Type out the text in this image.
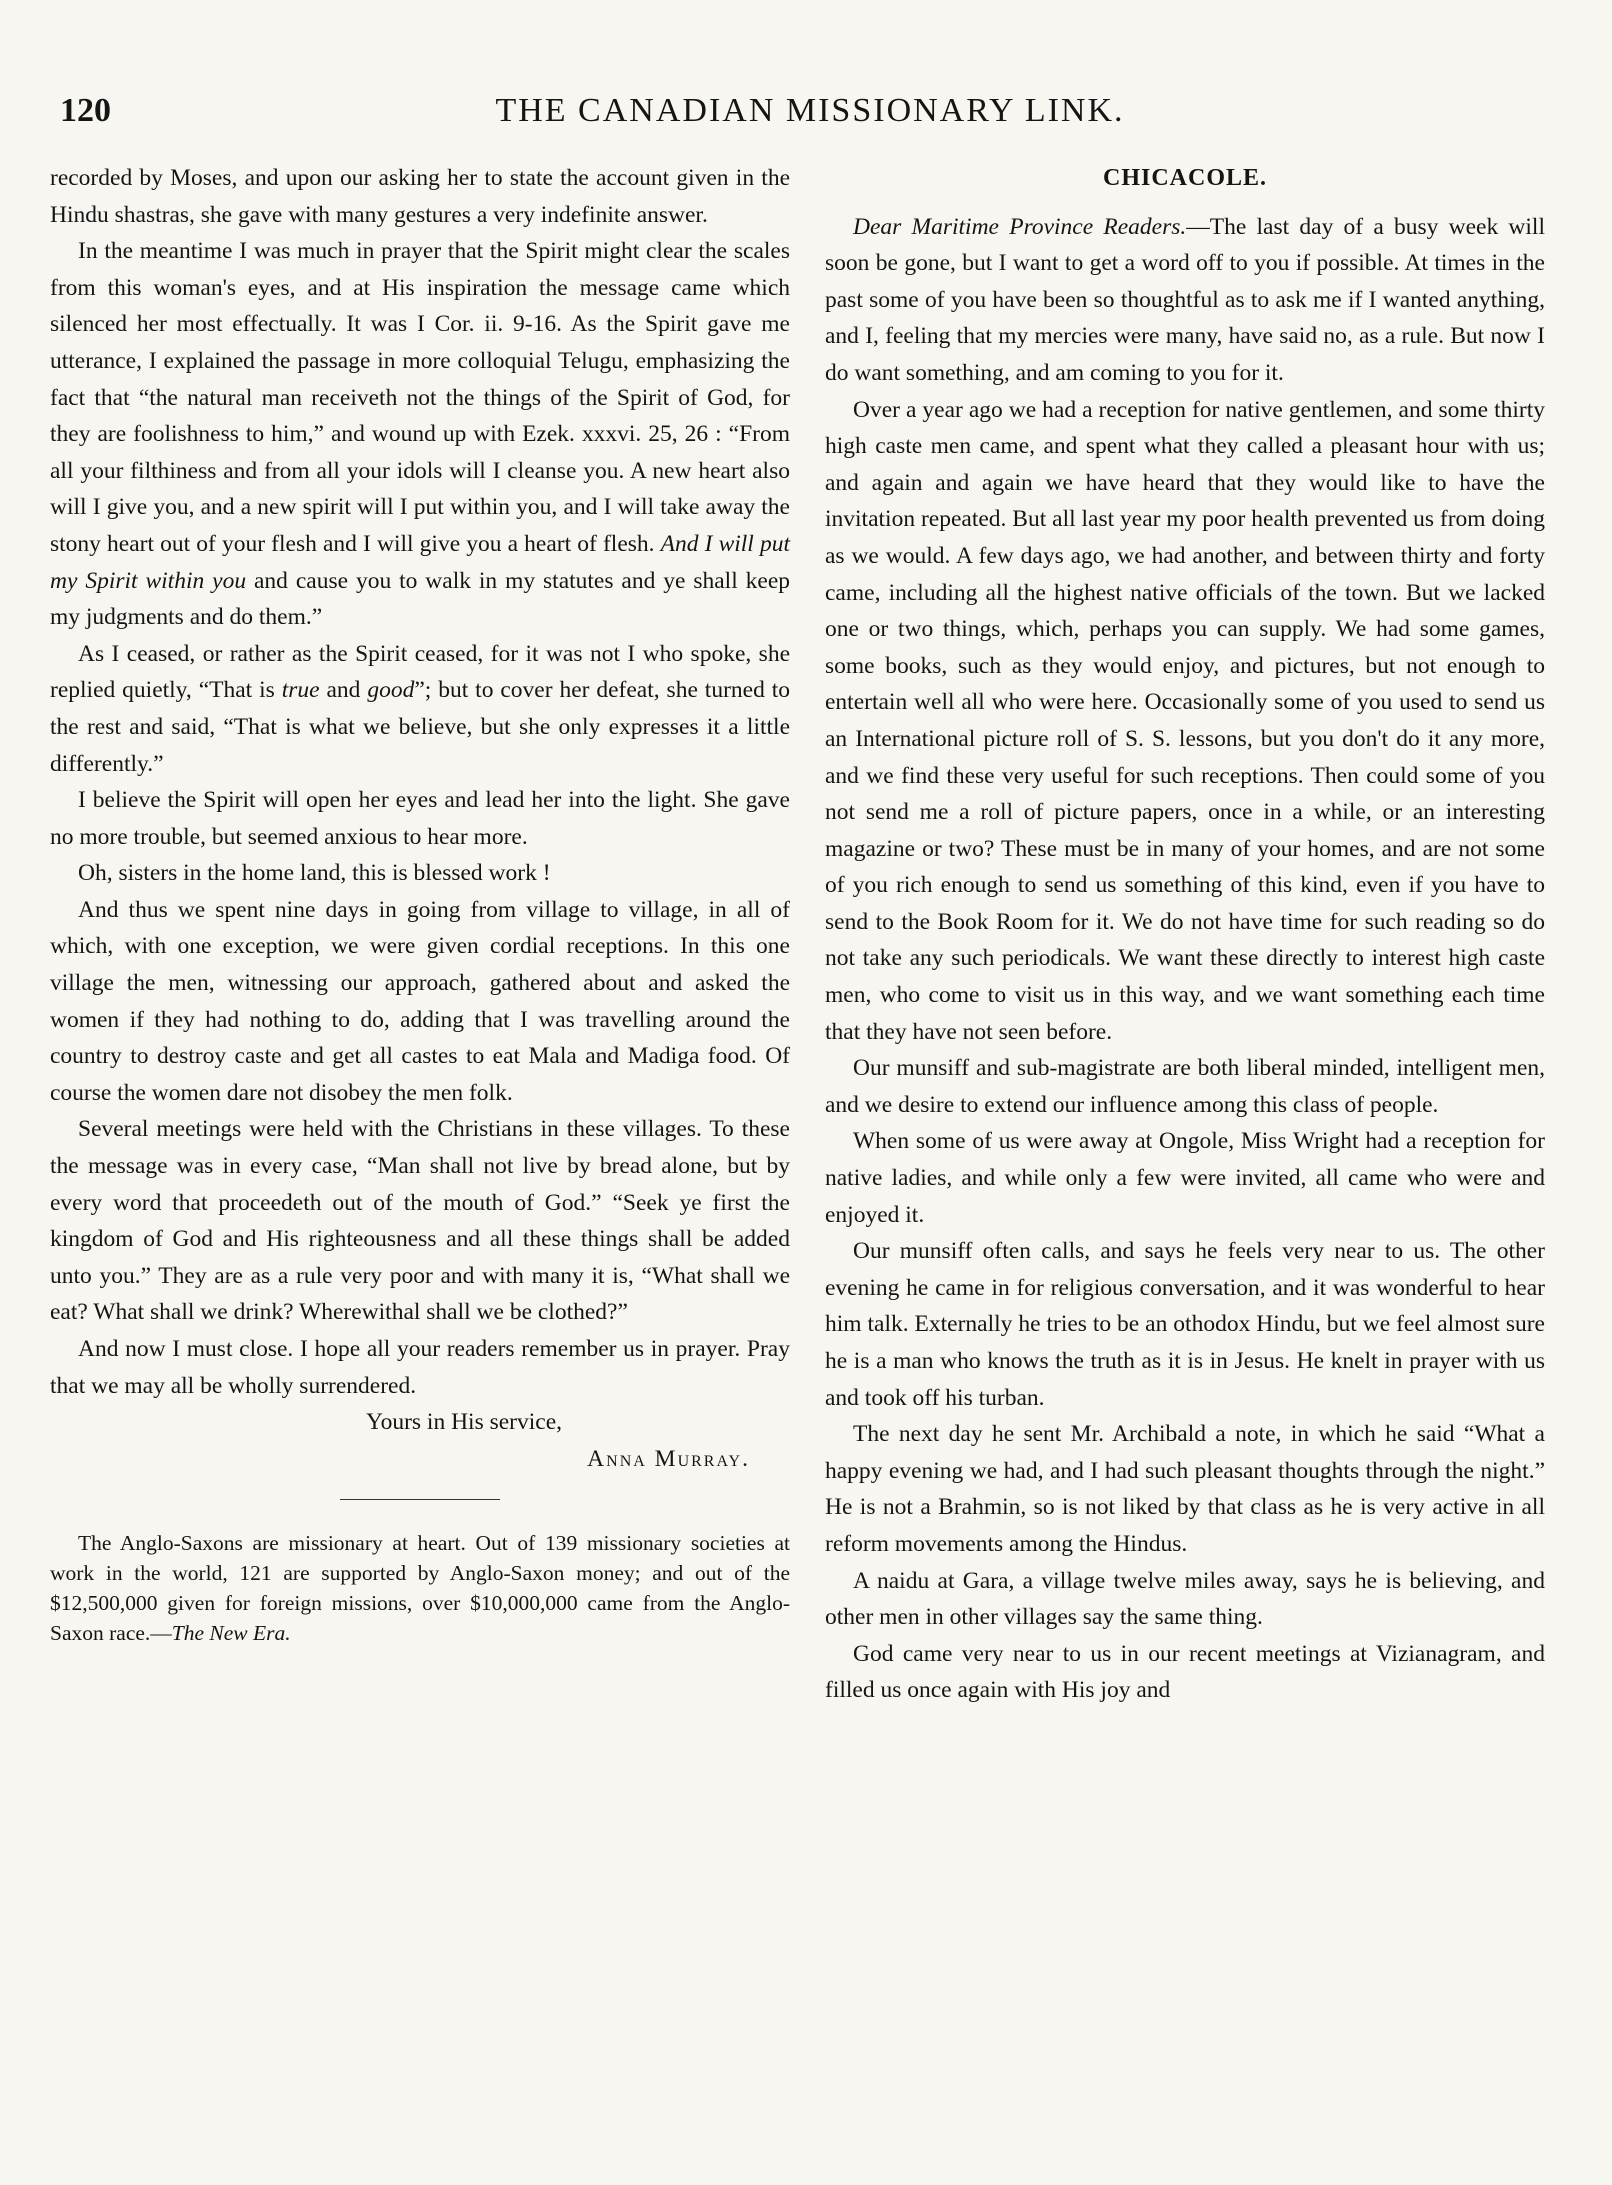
120	THE CANADIAN MISSIONARY LINK.

recorded by Moses, and upon our asking her to state the account given in the Hindu shastras, she gave with many gestures a very indefinite answer.

In the meantime I was much in prayer that the Spirit might clear the scales from this woman's eyes, and at His inspiration the message came which silenced her most effectually. It was I Cor. ii. 9-16. As the Spirit gave me utterance, I explained the passage in more colloquial Telugu, emphasizing the fact that “the natural man receiveth not the things of the Spirit of God, for they are foolishness to him,” and wound up with Ezek. xxxvi. 25, 26 : “From all your filthiness and from all your idols will I cleanse you. A new heart also will I give you, and a new spirit will I put within you, and I will take away the stony heart out of your flesh and I will give you a heart of flesh. And I will put my Spirit within you and cause you to walk in my statutes and ye shall keep my judgments and do them.”

As I ceased, or rather as the Spirit ceased, for it was not I who spoke, she replied quietly, “That is true and good”; but to cover her defeat, she turned to the rest and said, “That is what we believe, but she only expresses it a little differently.”

I believe the Spirit will open her eyes and lead her into the light. She gave no more trouble, but seemed anxious to hear more.

Oh, sisters in the home land, this is blessed work !

And thus we spent nine days in going from village to village, in all of which, with one exception, we were given cordial receptions. In this one village the men, witnessing our approach, gathered about and asked the women if they had nothing to do, adding that I was travelling around the country to destroy caste and get all castes to eat Mala and Madiga food. Of course the women dare not disobey the men folk.

Several meetings were held with the Christians in these villages. To these the message was in every case, “Man shall not live by bread alone, but by every word that proceedeth out of the mouth of God.” “Seek ye first the kingdom of God and His righteousness and all these things shall be added unto you.” They are as a rule very poor and with many it is, “What shall we eat? What shall we drink? Wherewithal shall we be clothed?”

And now I must close. I hope all your readers remember us in prayer. Pray that we may all be wholly surrendered.

Yours in His service,

Anna Murray.

The Anglo-Saxons are missionary at heart. Out of 139 missionary societies at work in the world, 121 are supported by Anglo-Saxon money; and out of the $12,500,000 given for foreign missions, over $10,000,000 came from the Anglo-Saxon race.—The New Era.

CHICACOLE.

Dear Maritime Province Readers.—The last day of a busy week will soon be gone, but I want to get a word off to you if possible. At times in the past some of you have been so thoughtful as to ask me if I wanted anything, and I, feeling that my mercies were many, have said no, as a rule. But now I do want something, and am coming to you for it.

Over a year ago we had a reception for native gentlemen, and some thirty high caste men came, and spent what they called a pleasant hour with us; and again and again we have heard that they would like to have the invitation repeated. But all last year my poor health prevented us from doing as we would. A few days ago, we had another, and between thirty and forty came, including all the highest native officials of the town. But we lacked one or two things, which, perhaps you can supply. We had some games, some books, such as they would enjoy, and pictures, but not enough to entertain well all who were here. Occasionally some of you used to send us an International picture roll of S. S. lessons, but you don't do it any more, and we find these very useful for such receptions. Then could some of you not send me a roll of picture papers, once in a while, or an interesting magazine or two? These must be in many of your homes, and are not some of you rich enough to send us something of this kind, even if you have to send to the Book Room for it. We do not have time for such reading so do not take any such periodicals. We want these directly to interest high caste men, who come to visit us in this way, and we want something each time that they have not seen before.

Our munsiff and sub-magistrate are both liberal minded, intelligent men, and we desire to extend our influence among this class of people.

When some of us were away at Ongole, Miss Wright had a reception for native ladies, and while only a few were invited, all came who were and enjoyed it.

Our munsiff often calls, and says he feels very near to us. The other evening he came in for religious conversation, and it was wonderful to hear him talk. Externally he tries to be an othodox Hindu, but we feel almost sure he is a man who knows the truth as it is in Jesus. He knelt in prayer with us and took off his turban.

The next day he sent Mr. Archibald a note, in which he said “What a happy evening we had, and I had such pleasant thoughts through the night.” He is not a Brahmin, so is not liked by that class as he is very active in all reform movements among the Hindus.

A naidu at Gara, a village twelve miles away, says he is believing, and other men in other villages say the same thing.

God came very near to us in our recent meetings at Vizianagram, and filled us once again with His joy and
